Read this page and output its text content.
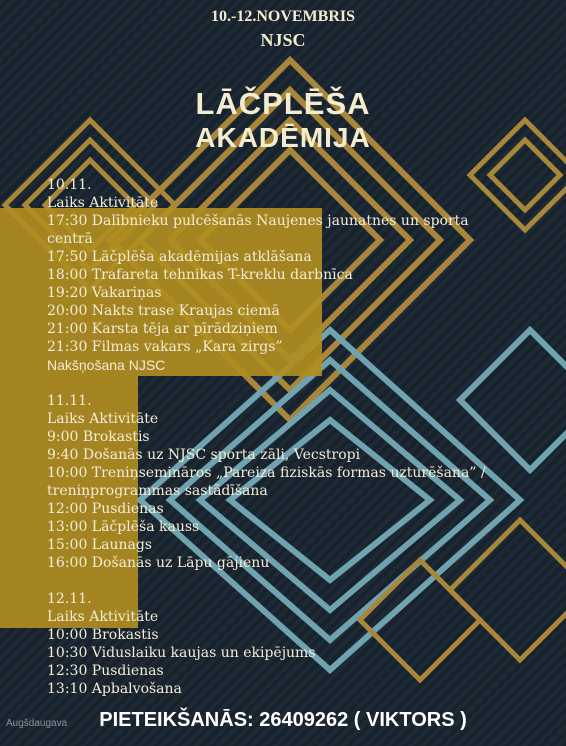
10.-12.NOVEMBRIS
NJSC
LĀČPLĒŠA
AKADĒMIJA
10.11.
Laiks Aktivitāte
17:30 Dalībnieku pulcēšanās Naujenes jaunatnes un sporta centrā
17:50 Lāčplēša akadēmijas atklāšana
18:00 Trafareta tehnikas T-kreklu darbnīca
19:20 Vakariņas
20:00 Nakts trase Kraujas ciemā
21:00 Karsta tēja ar pīrādziņiem
21:30 Filmas vakars „Kara zirgs”
Nakšņošana NJSC
11.11.
Laiks Aktivitāte
9:00 Brokastis
9:40 Došanās uz NJSC sporta zāli, Vecstropi
10:00 Treniņsemināros „Pareiza fiziskās formas uzturēšana” / treniņprogrammas sastādīšana
12:00 Pusdienas
13:00 Lāčplēša kauss
15:00 Launags
16:00 Došanās uz Lāpu gājienu
12.11.
Laiks Aktivitāte
10:00 Brokastis
10:30 Viduslaiku kaujas un ekipējums
12:30 Pusdienas
13:10 Apbalvošana
PIETEIKŠANĀS: 26409262 ( VIKTORS )
Augšdaugava
